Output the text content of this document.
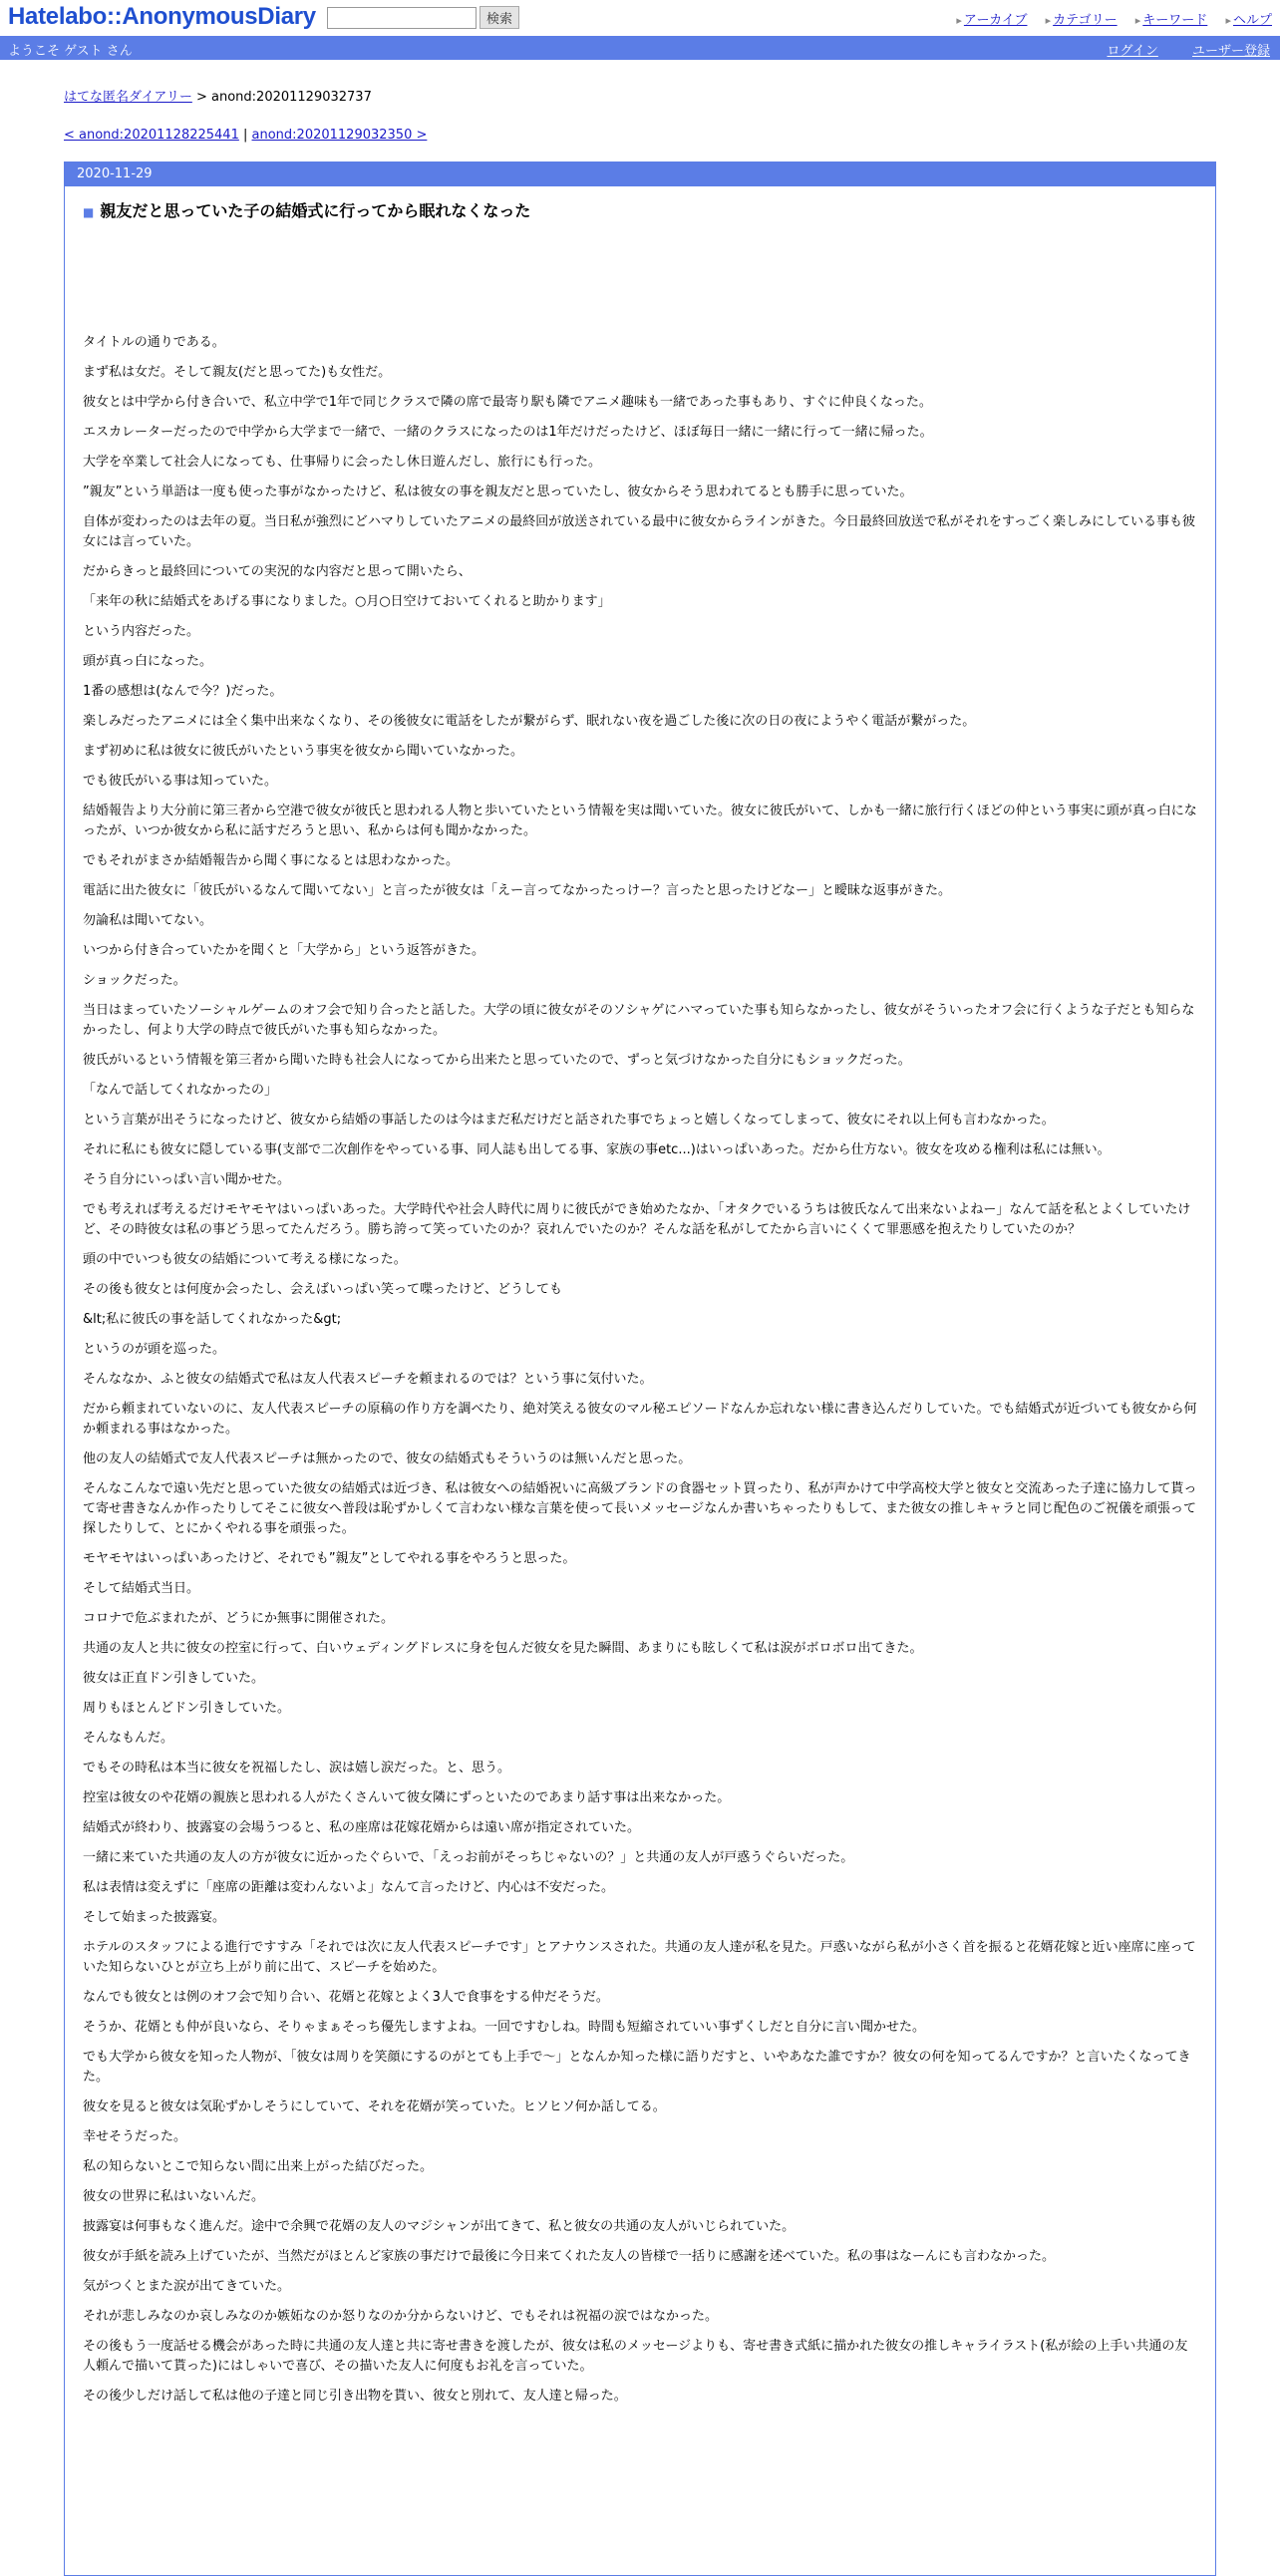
Hatelabo::AnonymousDiary	検索	▸ アーカイブ ▸ カテゴリー ▸ キーワード ▸ ヘルプ
ようこそ ゲスト さん	ログイン	ユーザー登録
はてな匿名ダイアリー > anond:20201129032737
< anond:20201128225441 | anond:20201129032350 >
2020-11-29
■ 親友だと思っていた子の結婚式に行ってから眠れなくなった

タイトルの通りである。

まず私は女だ。そして親友(だと思ってた)も女性だ。

彼女とは中学から付き合いで、私立中学で1年で同じクラスで隣の席で最寄り駅も隣でアニメ趣味も一緒であった事もあり、すぐに仲良くなった。

エスカレーターだったので中学から大学まで一緒で、一緒のクラスになったのは1年だけだったけど、ほぼ毎日一緒に一緒に行って一緒に帰った。

大学を卒業して社会人になっても、仕事帰りに会ったし休日遊んだし、旅行にも行った。

”親友”という単語は一度も使った事がなかったけど、私は彼女の事を親友だと思っていたし、彼女からそう思われてるとも勝手に思っていた。

自体が変わったのは去年の夏。当日私が強烈にどハマりしていたアニメの最終回が放送されている最中に彼女からラインがきた。今日最終回放送で私がそれをすっごく楽しみにしている事も彼女には言っていた。

だからきっと最終回についての実況的な内容だと思って開いたら、

「来年の秋に結婚式をあげる事になりました。○月○日空けておいてくれると助かります」

という内容だった。

頭が真っ白になった。

1番の感想は(なんで今？)だった。

楽しみだったアニメには全く集中出来なくなり、その後彼女に電話をしたが繋がらず、眠れない夜を過ごした後に次の日の夜にようやく電話が繋がった。

まず初めに私は彼女に彼氏がいたという事実を彼女から聞いていなかった。

でも彼氏がいる事は知っていた。

結婚報告より大分前に第三者から空港で彼女が彼氏と思われる人物と歩いていたという情報を実は聞いていた。彼女に彼氏がいて、しかも一緒に旅行行くほどの仲という事実に頭が真っ白になったが、いつか彼女から私に話すだろうと思い、私からは何も聞かなかった。

でもそれがまさか結婚報告から聞く事になるとは思わなかった。

電話に出た彼女に「彼氏がいるなんて聞いてない」と言ったが彼女は「えー言ってなかったっけー？言ったと思ったけどなー」と曖昧な返事がきた。

勿論私は聞いてない。

いつから付き合っていたかを聞くと「大学から」という返答がきた。

ショックだった。

当日はまっていたソーシャルゲームのオフ会で知り合ったと話した。大学の頃に彼女がそのソシャゲにハマっていた事も知らなかったし、彼女がそういったオフ会に行くような子だとも知らなかったし、何より大学の時点で彼氏がいた事も知らなかった。

彼氏がいるという情報を第三者から聞いた時も社会人になってから出来たと思っていたので、ずっと気づけなかった自分にもショックだった。

「なんで話してくれなかったの」

という言葉が出そうになったけど、彼女から結婚の事話したのは今はまだ私だけだと話された事でちょっと嬉しくなってしまって、彼女にそれ以上何も言わなかった。

それに私にも彼女に隠している事(支部で二次創作をやっている事、同人誌も出してる事、家族の事etc...)はいっぱいあった。だから仕方ない。彼女を攻める権利は私には無い。

そう自分にいっぱい言い聞かせた。

でも考えれば考えるだけモヤモヤはいっぱいあった。大学時代や社会人時代に周りに彼氏ができ始めたなか、「オタクでいるうちは彼氏なんて出来ないよねー」なんて話を私とよくしていたけど、その時彼女は私の事どう思ってたんだろう。勝ち誇って笑っていたのか？哀れんでいたのか？そんな話を私がしてたから言いにくくて罪悪感を抱えたりしていたのか？

頭の中でいつも彼女の結婚について考える様になった。

その後も彼女とは何度か会ったし、会えばいっぱい笑って喋ったけど、どうしても

&lt;私に彼氏の事を話してくれなかった&gt;

というのが頭を巡った。

そんななか、ふと彼女の結婚式で私は友人代表スピーチを頼まれるのでは？という事に気付いた。

だから頼まれていないのに、友人代表スピーチの原稿の作り方を調べたり、絶対笑える彼女のマル秘エピソードなんか忘れない様に書き込んだりしていた。でも結婚式が近づいても彼女から何か頼まれる事はなかった。

他の友人の結婚式で友人代表スピーチは無かったので、彼女の結婚式もそういうのは無いんだと思った。

そんなこんなで遠い先だと思っていた彼女の結婚式は近づき、私は彼女への結婚祝いに高級ブランドの食器セット買ったり、私が声かけて中学高校大学と彼女と交流あった子達に協力して貰って寄せ書きなんか作ったりしてそこに彼女へ普段は恥ずかしくて言わない様な言葉を使って長いメッセージなんか書いちゃったりもして、また彼女の推しキャラと同じ配色のご祝儀を頑張って探したりして、とにかくやれる事を頑張った。

モヤモヤはいっぱいあったけど、それでも”親友”としてやれる事をやろうと思った。

そして結婚式当日。

コロナで危ぶまれたが、どうにか無事に開催された。

共通の友人と共に彼女の控室に行って、白いウェディングドレスに身を包んだ彼女を見た瞬間、あまりにも眩しくて私は涙がボロボロ出てきた。

彼女は正直ドン引きしていた。

周りもほとんどドン引きしていた。

そんなもんだ。

でもその時私は本当に彼女を祝福したし、涙は嬉し涙だった。と、思う。

控室は彼女のや花婿の親族と思われる人がたくさんいて彼女隣にずっといたのであまり話す事は出来なかった。

結婚式が終わり、披露宴の会場うつると、私の座席は花嫁花婿からは遠い席が指定されていた。

一緒に来ていた共通の友人の方が彼女に近かったぐらいで、「えっお前がそっちじゃないの？」と共通の友人が戸惑うぐらいだった。

私は表情は変えずに「座席の距離は変わんないよ」なんて言ったけど、内心は不安だった。

そして始まった披露宴。

ホテルのスタッフによる進行ですすみ「それでは次に友人代表スピーチです」とアナウンスされた。共通の友人達が私を見た。戸惑いながら私が小さく首を振ると花婿花嫁と近い座席に座っていた知らないひとが立ち上がり前に出て、スピーチを始めた。

なんでも彼女とは例のオフ会で知り合い、花婿と花嫁とよく3人で食事をする仲だそうだ。

そうか、花婿とも仲が良いなら、そりゃまぁそっち優先しますよね。一回ですむしね。時間も短縮されていい事ずくしだと自分に言い聞かせた。

でも大学から彼女を知った人物が、「彼女は周りを笑顔にするのがとても上手で〜」となんか知った様に語りだすと、いやあなた誰ですか？彼女の何を知ってるんですか？と言いたくなってきた。

彼女を見ると彼女は気恥ずかしそうにしていて、それを花婿が笑っていた。ヒソヒソ何か話してる。

幸せそうだった。

私の知らないとこで知らない間に出来上がった結びだった。

彼女の世界に私はいないんだ。

披露宴は何事もなく進んだ。途中で余興で花婿の友人のマジシャンが出てきて、私と彼女の共通の友人がいじられていた。

彼女が手紙を読み上げていたが、当然だがほとんど家族の事だけで最後に今日来てくれた友人の皆様で一括りに感謝を述べていた。私の事はなーんにも言わなかった。

気がつくとまた涙が出てきていた。

それが悲しみなのか哀しみなのか嫉妬なのか怒りなのか分からないけど、でもそれは祝福の涙ではなかった。

その後もう一度話せる機会があった時に共通の友人達と共に寄せ書きを渡したが、彼女は私のメッセージよりも、寄せ書き式紙に描かれた彼女の推しキャライラスト(私が絵の上手い共通の友人頼んで描いて貰った)にはしゃいで喜び、その描いた友人に何度もお礼を言っていた。

その後少しだけ話して私は他の子達と同じ引き出物を貰い、彼女と別れて、友人達と帰った。
